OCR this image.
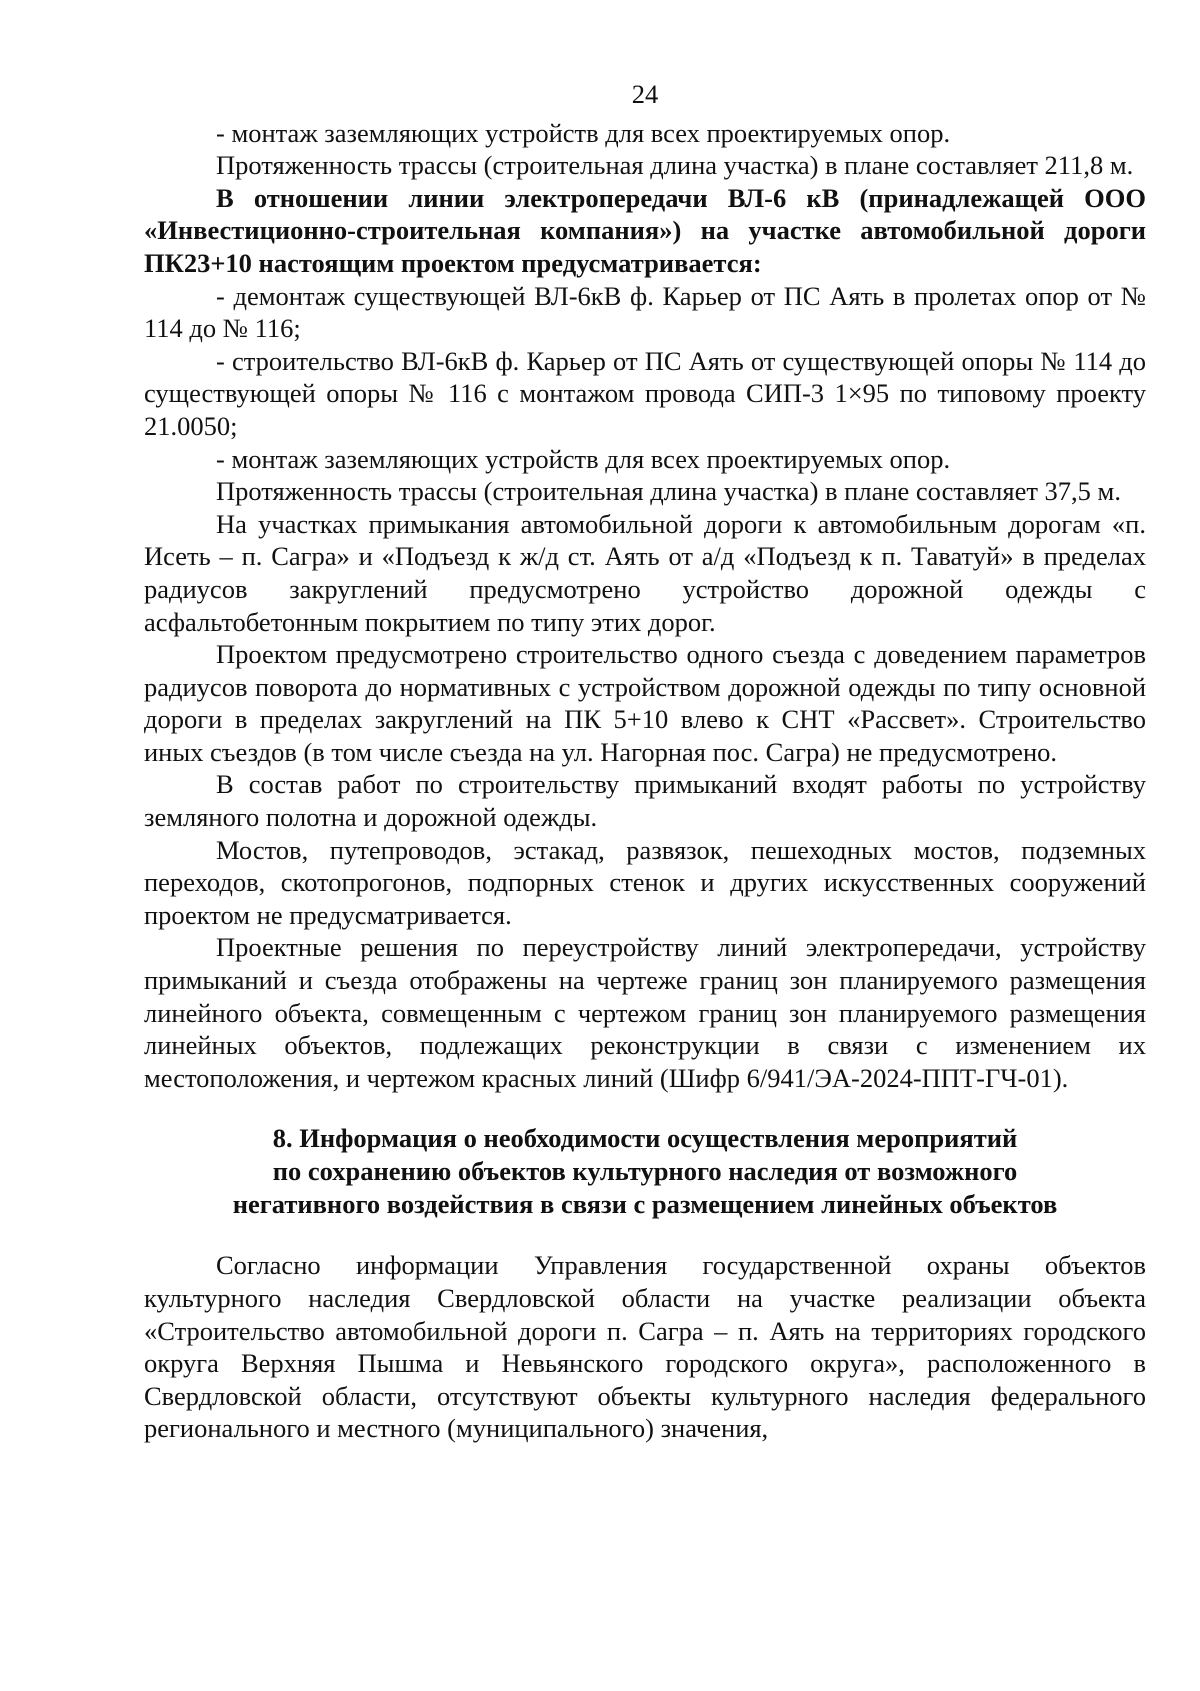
24

- монтаж заземляющих устройств для всех проектируемых опор.

Протяженность трассы (строительная длина участка) в плане составляет 211,8 м.

В отношении линии электропередачи ВЛ-6 кВ (принадлежащей ООО «Инвестиционно-строительная компания») на участке автомобильной дороги ПК23+10 настоящим проектом предусматривается:

- демонтаж существующей ВЛ-6кВ ф. Карьер от ПС Аять в пролетах опор от № 114 до № 116;

- строительство ВЛ-6кВ ф. Карьер от ПС Аять от существующей опоры № 114 до существующей опоры № 116 с монтажом провода СИП-3 1×95 по типовому проекту 21.0050;

- монтаж заземляющих устройств для всех проектируемых опор.

Протяженность трассы (строительная длина участка) в плане составляет 37,5 м.

На участках примыкания автомобильной дороги к автомобильным дорогам «п. Исеть – п. Сагра» и «Подъезд к ж/д ст. Аять от а/д «Подъезд к п. Таватуй» в пределах радиусов закруглений предусмотрено устройство дорожной одежды с асфальтобетонным покрытием по типу этих дорог.

Проектом предусмотрено строительство одного съезда с доведением параметров радиусов поворота до нормативных с устройством дорожной одежды по типу основной дороги в пределах закруглений на ПК 5+10 влево к СНТ «Рассвет». Строительство иных съездов (в том числе съезда на ул. Нагорная пос. Сагра) не предусмотрено.

В состав работ по строительству примыканий входят работы по устройству земляного полотна и дорожной одежды.

Мостов, путепроводов, эстакад, развязок, пешеходных мостов, подземных переходов, скотопрогонов, подпорных стенок и других искусственных сооружений проектом не предусматривается.

Проектные решения по переустройству линий электропередачи, устройству примыканий и съезда отображены на чертеже границ зон планируемого размещения линейного объекта, совмещенным с чертежом границ зон планируемого размещения линейных объектов, подлежащих реконструкции в связи с изменением их местоположения, и чертежом красных линий (Шифр 6/941/ЭА-2024-ППТ-ГЧ-01).

8. Информация о необходимости осуществления мероприятий
по сохранению объектов культурного наследия от возможного
негативного воздействия в связи с размещением линейных объектов

Согласно информации Управления государственной охраны объектов культурного наследия Свердловской области на участке реализации объекта «Строительство автомобильной дороги п. Сагра – п. Аять на территориях городского округа Верхняя Пышма и Невьянского городского округа», расположенного в Свердловской области, отсутствуют объекты культурного наследия федерального регионального и местного (муниципального) значения,
